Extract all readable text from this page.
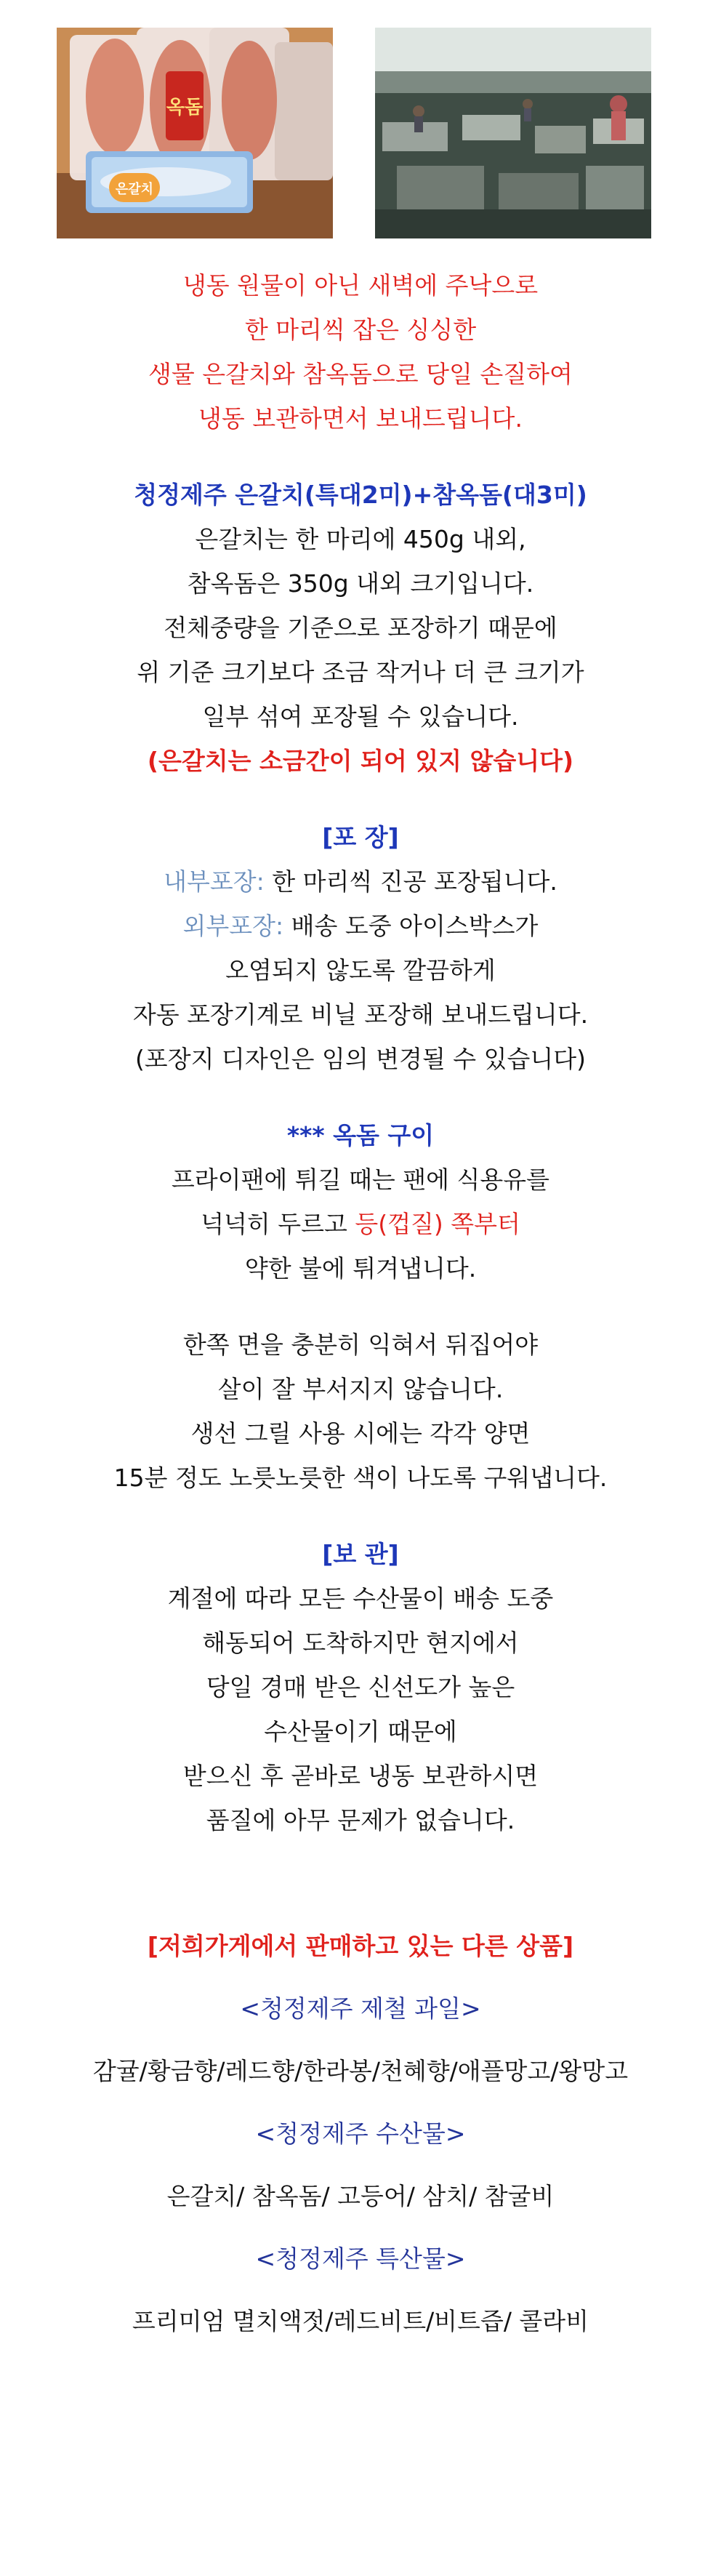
옥돔
은갈치
냉동 원물이 아닌 새벽에 주낙으로
한 마리씩 잡은 싱싱한
생물 은갈치와 참옥돔으로 당일 손질하여
냉동 보관하면서 보내드립니다.
청정제주 은갈치(특대2미)+참옥돔(대3미)
은갈치는 한 마리에 450g 내외,
참옥돔은 350g 내외 크기입니다.
전체중량을 기준으로 포장하기 때문에
위 기준 크기보다 조금 작거나 더 큰 크기가
일부 섞여 포장될 수 있습니다.
(은갈치는 소금간이 되어 있지 않습니다)
[포 장]
내부포장: 한 마리씩 진공 포장됩니다.
외부포장: 배송 도중 아이스박스가
오염되지 않도록 깔끔하게
자동 포장기계로 비닐 포장해 보내드립니다.
(포장지 디자인은 임의 변경될 수 있습니다)
*** 옥돔 구이
프라이팬에 튀길 때는 팬에 식용유를
넉넉히 두르고 등(껍질) 쪽부터
약한 불에 튀겨냅니다.
한쪽 면을 충분히 익혀서 뒤집어야
살이 잘 부서지지 않습니다.
생선 그릴 사용 시에는 각각 양면
15분 정도 노릇노릇한 색이 나도록 구워냅니다.
[보 관]
계절에 따라 모든 수산물이 배송 도중
해동되어 도착하지만 현지에서
당일 경매 받은 신선도가 높은
수산물이기 때문에
받으신 후 곧바로 냉동 보관하시면
품질에 아무 문제가 없습니다.
[저희가게에서 판매하고 있는 다른 상품]
<청정제주 제철 과일>
감귤/황금향/레드향/한라봉/천혜향/애플망고/왕망고
<청정제주 수산물>
은갈치/ 참옥돔/ 고등어/ 삼치/ 참굴비
<청정제주 특산물>
프리미엄 멸치액젓/레드비트/비트즙/ 콜라비
